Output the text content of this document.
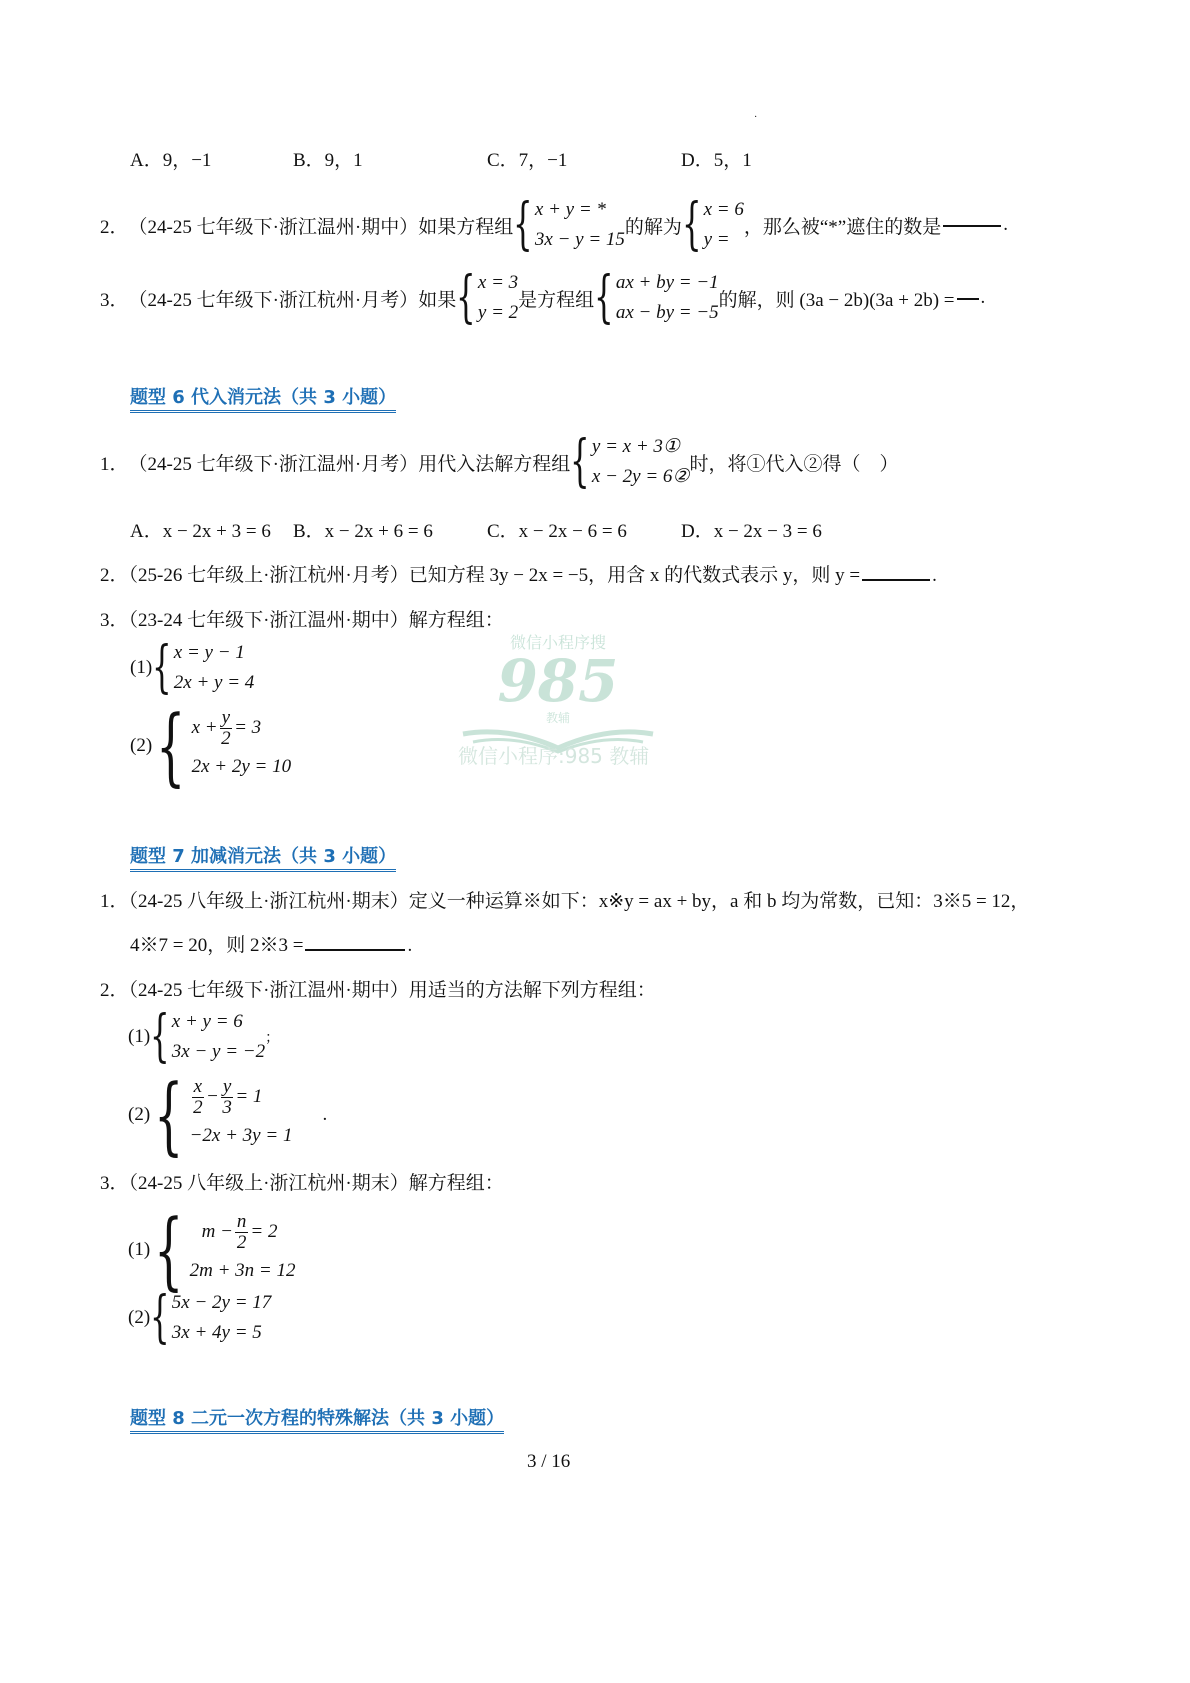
·
A．9，−1	B．9，1	C．7，−1	D．5，1
2． （24-25 七年级下·浙江温州·期中） 如果方程组 { x + y = *
3x − y = 15
的解为 { x = 6
y =
，那么被“*”遮住的数是	.
3． （24-25 七年级下·浙江杭州·月考） 如果 { x = 3
y = 2
是方程组 { ax + by = −1
ax − by = −5
的解，则 (3a − 2b)(3a + 2b) = .
题型 6 代入消元法（共 3 小题）
1． （24-25 七年级下·浙江温州·月考） 用代入法解方程组 { y = x + 3①
x − 2y = 6②
时，将①代入②得（　）
A．x − 2x + 3 = 6 B．x − 2x + 6 = 6	C．x − 2x − 6 = 6	D．x − 2x − 3 = 6
2．（25-26 七年级上·浙江杭州·月考）已知方程 3y − 2x = −5，用含 x 的代数式表示 y，则 y =	.
3．（23-24 七年级下·浙江温州·期中）解方程组：
微信小程序搜
985
教辅
微信小程序:985 教辅
(1) { x = y − 1
2x + y = 4
(2) { $x + \frac{y}{2} = 3$
2x + 2y = 10
题型 7 加减消元法（共 3 小题）
1．（24-25 八年级上·浙江杭州·期末）定义一种运算※如下：x※y = ax + by，a 和 b 均为常数，已知：3※5 = 12，
4※7 = 20，则 2※3 =	.
2．（24-25 七年级下·浙江温州·期中）用适当的方法解下列方程组：
(1) { x + y = 6
3x − y = −2
；
(2) { $\frac{x}{2} - \frac{y}{3} = 1$
−2x + 3y = 1
.
3．（24-25 八年级上·浙江杭州·期末）解方程组：
(1) { $m - \frac{n}{2} = 2$
2m + 3n = 12
(2) { 5x − 2y = 17
3x + 4y = 5
题型 8 二元一次方程的特殊解法（共 3 小题）
3 / 16
